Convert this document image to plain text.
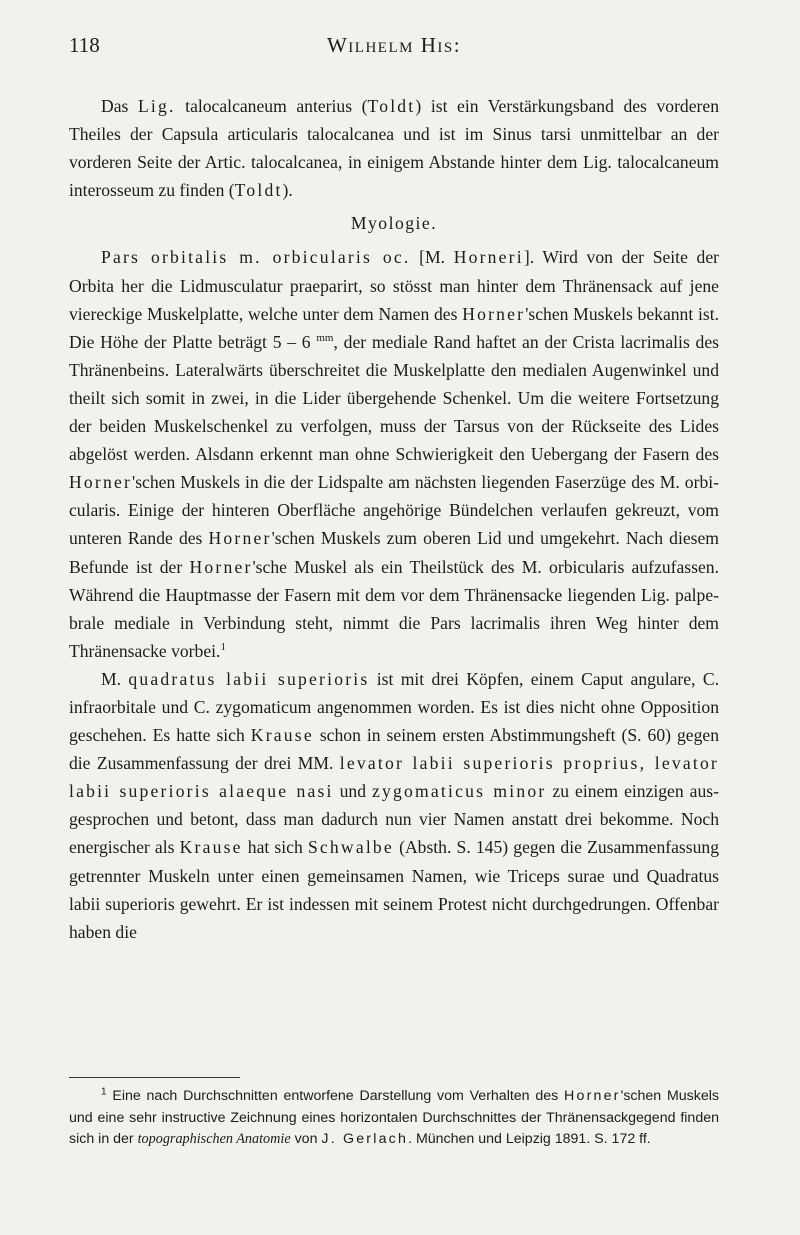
118	Wilhelm His:

Das Lig. talocalcaneum anterius (Toldt) ist ein Verstärkungsband des vorderen Theiles der Capsula articularis talocalcanea und ist im Sinus tarsi unmittelbar an der vorderen Seite der Artic. talocalcanea, in einigem Abstande hinter dem Lig. talocalcaneum interosseum zu finden (Toldt).

Myologie.

Pars orbitalis m. orbicularis oc. [M. Horneri]. Wird von der Seite der Orbita her die Lidmusculatur praeparirt, so stösst man hinter dem Thränensack auf jene viereckige Muskelplatte, welche unter dem Namen des Horner'schen Muskels bekannt ist. Die Höhe der Platte beträgt 5 – 6 $^{mm}$, der mediale Rand haftet an der Crista lacrimalis des Thränenbeins. Lateralwärts überschreitet die Muskelplatte den medialen Augenwinkel und theilt sich somit in zwei, in die Lider übergehende Schenkel. Um die weitere Fortsetzung der beiden Muskelschenkel zu verfolgen, muss der Tarsus von der Rückseite des Lides abgelöst werden. Alsdann erkennt man ohne Schwierigkeit den Uebergang der Fasern des Horner'schen Muskels in die der Lidspalte am nächsten liegenden Faserzüge des M. orbicularis. Einige der hinteren Oberfläche angehörige Bündelchen verlaufen gekreuzt, vom unteren Rande des Horner'schen Muskels zum oberen Lid und umgekehrt. Nach diesem Befunde ist der Horner'sche Muskel als ein Theilstück des M. orbicularis aufzufassen. Während die Hauptmasse der Fasern mit dem vor dem Thränensacke liegenden Lig. palpebrale mediale in Verbindung steht, nimmt die Pars lacrimalis ihren Weg hinter dem Thränensacke vorbei.$^1$

M. quadratus labii superioris ist mit drei Köpfen, einem Caput angulare, C. infraorbitale und C. zygomaticum angenommen worden. Es ist dies nicht ohne Opposition geschehen. Es hatte sich Krause schon in seinem ersten Abstimmungsheft (S. 60) gegen die Zusammenfassung der drei MM. levator labii superioris proprius, levator labii superioris alaeque nasi und zygomaticus minor zu einem einzigen ausgesprochen und betont, dass man dadurch nun vier Namen anstatt drei bekomme. Noch energischer als Krause hat sich Schwalbe (Absth. S. 145) gegen die Zusammenfassung getrennter Muskeln unter einen gemeinsamen Namen, wie Triceps surae und Quadratus labii superioris gewehrt. Er ist indessen mit seinem Protest nicht durchgedrungen. Offenbar haben die

$^1$ Eine nach Durchschnitten entworfene Darstellung vom Verhalten des Horner'schen Muskels und eine sehr instructive Zeichnung eines horizontalen Durchschnittes der Thränensackgegend finden sich in der topographischen Anatomie von J. Gerlach. München und Leipzig 1891. S. 172 ff.
